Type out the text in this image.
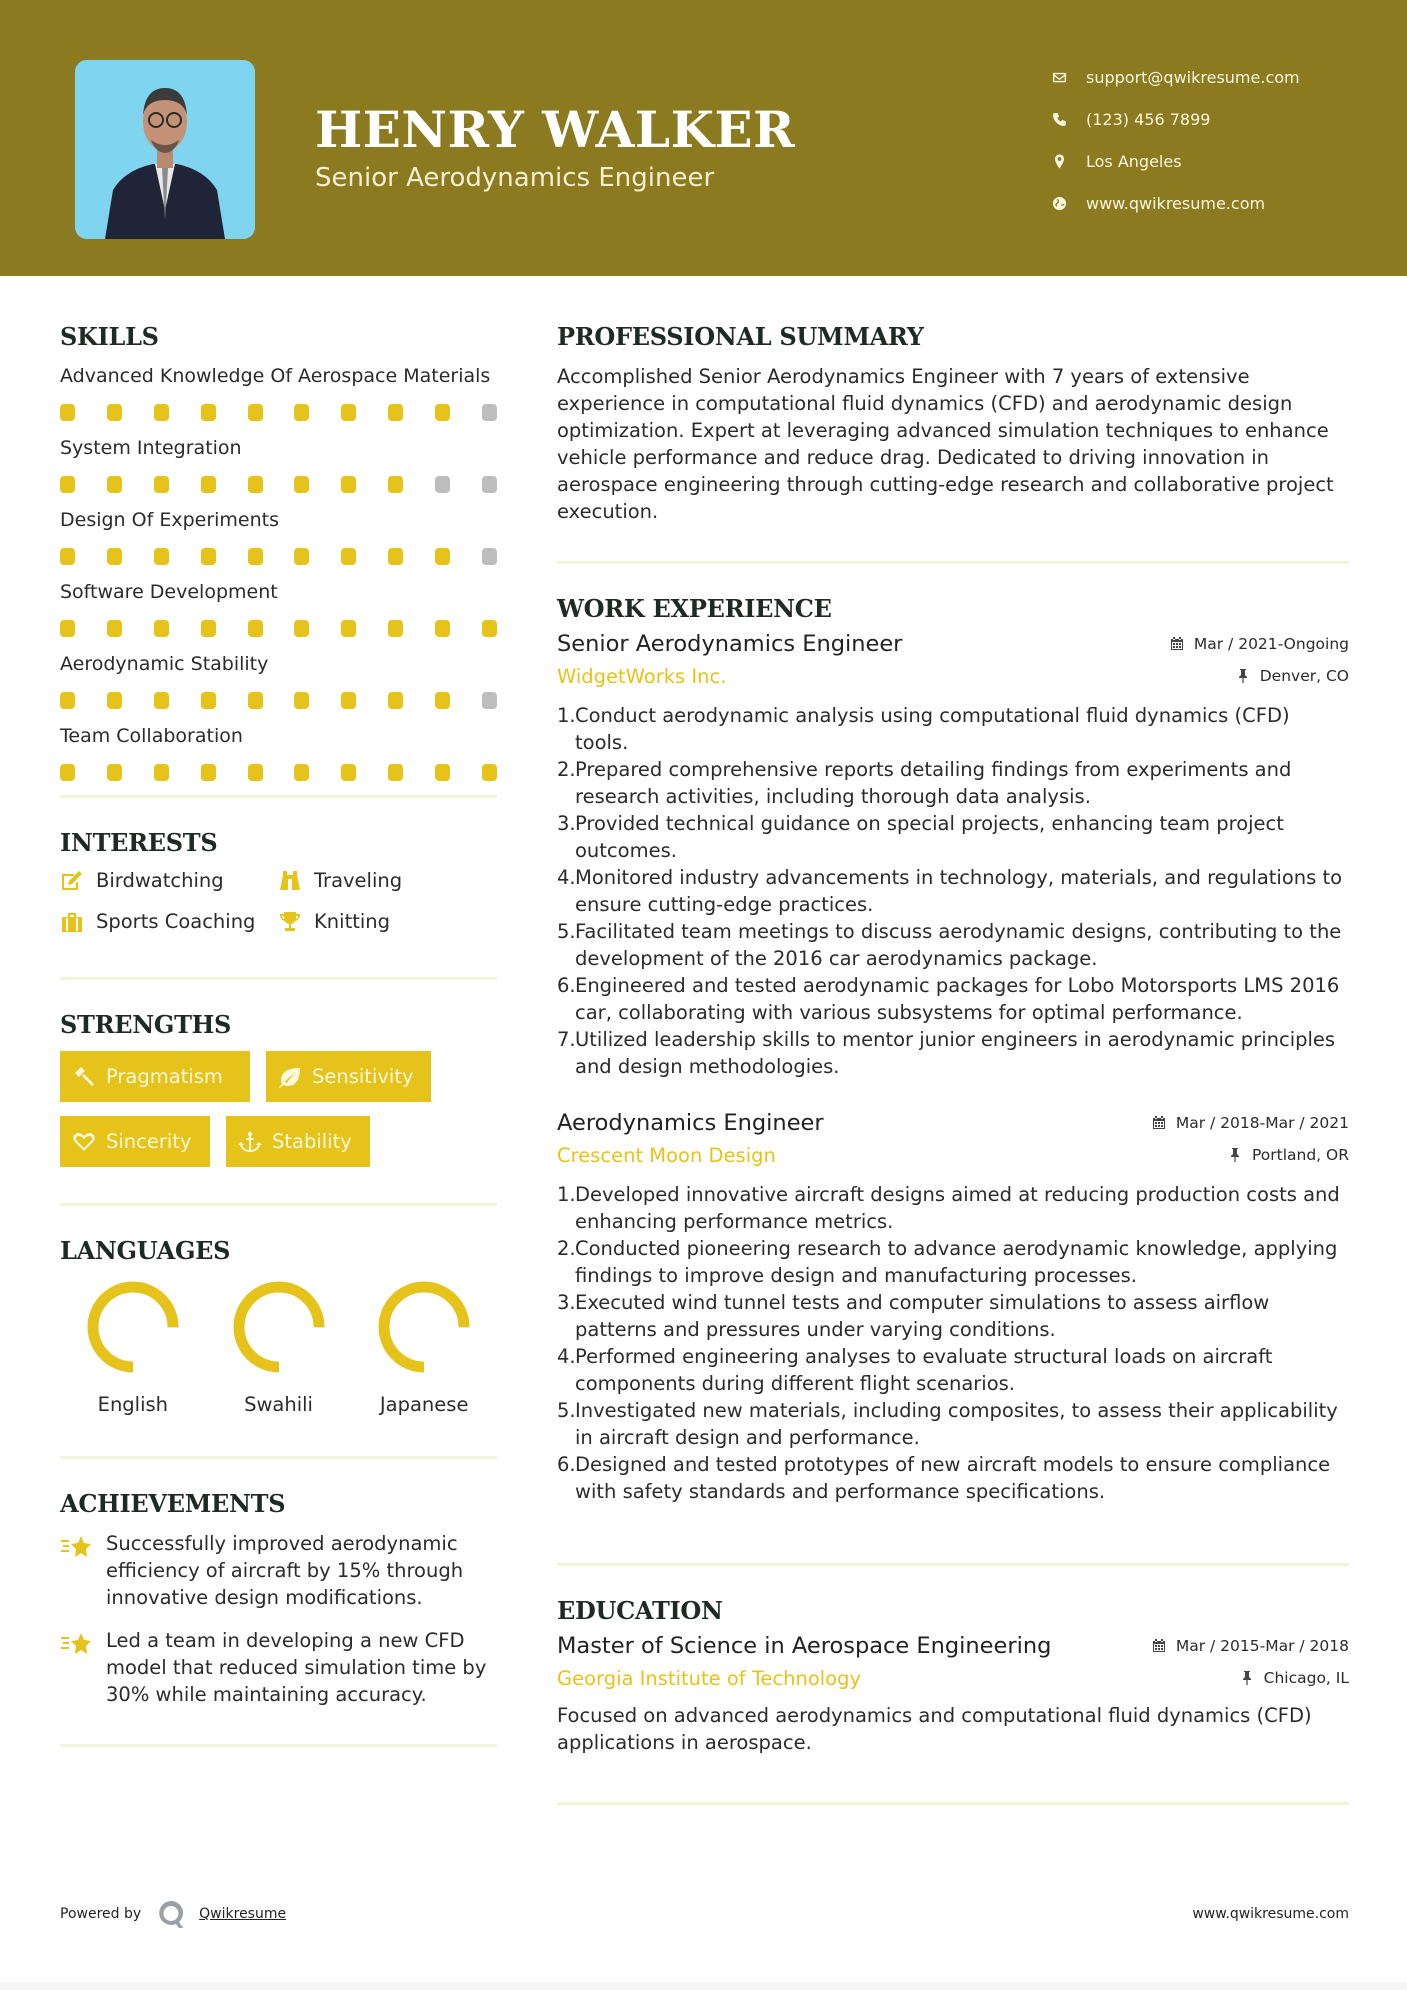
HENRY WALKER
Senior Aerodynamics Engineer
support@qwikresume.com
(123) 456 7899
Los Angeles
www.qwikresume.com
SKILLS
Advanced Knowledge Of Aerospace Materials
System Integration
Design Of Experiments
Software Development
Aerodynamic Stability
Team Collaboration
INTERESTS
Birdwatching	Traveling
Sports Coaching	Knitting
STRENGTHS
Pragmatism	Sensitivity
Sincerity	Stability
LANGUAGES
English	Swahili	Japanese
ACHIEVEMENTS
Successfully improved aerodynamic efficiency of aircraft by 15% through innovative design modifications.
Led a team in developing a new CFD model that reduced simulation time by 30% while maintaining accuracy.
PROFESSIONAL SUMMARY

Accomplished Senior Aerodynamics Engineer with 7 years of extensive experience in computational fluid dynamics (CFD) and aerodynamic design optimization. Expert at leveraging advanced simulation techniques to enhance vehicle performance and reduce drag. Dedicated to driving innovation in aerospace engineering through cutting-edge research and collaborative project execution.

WORK EXPERIENCE
Senior Aerodynamics Engineer	Mar / 2021-Ongoing
WidgetWorks Inc.	Denver, CO
1. Conduct aerodynamic analysis using computational fluid dynamics (CFD) tools.
2. Prepared comprehensive reports detailing findings from experiments and research activities, including thorough data analysis.
3. Provided technical guidance on special projects, enhancing team project outcomes.
4. Monitored industry advancements in technology, materials, and regulations to ensure cutting-edge practices.
5. Facilitated team meetings to discuss aerodynamic designs, contributing to the development of the 2016 car aerodynamics package.
6. Engineered and tested aerodynamic packages for Lobo Motorsports LMS 2016 car, collaborating with various subsystems for optimal performance.
7. Utilized leadership skills to mentor junior engineers in aerodynamic principles and design methodologies.
Aerodynamics Engineer	Mar / 2018-Mar / 2021
Crescent Moon Design	Portland, OR
1. Developed innovative aircraft designs aimed at reducing production costs and enhancing performance metrics.
2. Conducted pioneering research to advance aerodynamic knowledge, applying findings to improve design and manufacturing processes.
3. Executed wind tunnel tests and computer simulations to assess airflow patterns and pressures under varying conditions.
4. Performed engineering analyses to evaluate structural loads on aircraft components during different flight scenarios.
5. Investigated new materials, including composites, to assess their applicability in aircraft design and performance.
6. Designed and tested prototypes of new aircraft models to ensure compliance with safety standards and performance specifications.
EDUCATION
Master of Science in Aerospace Engineering	Mar / 2015-Mar / 2018
Georgia Institute of Technology	Chicago, IL

Focused on advanced aerodynamics and computational fluid dynamics (CFD) applications in aerospace.

Powered by	Qwikresume	www.qwikresume.com
